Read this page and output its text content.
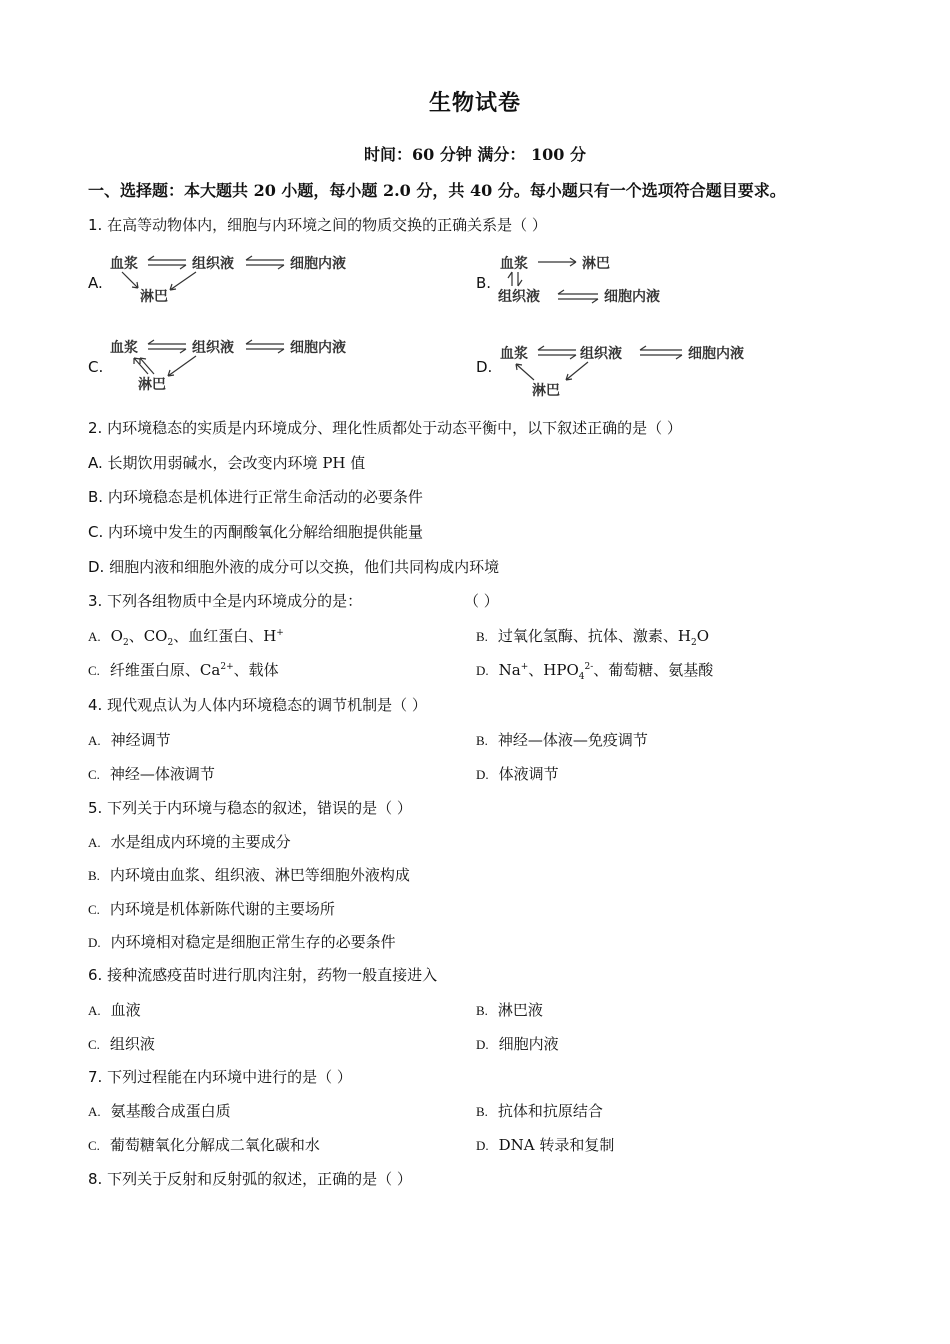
生物试卷
时间：60 分钟 满分： 100 分
一、选择题：本大题共 20 小题，每小题 2.0 分，共 40 分。每小题只有一个选项符合题目要求。
1. 在高等动物体内，细胞与内环境之间的物质交换的正确关系是（ ）
A.
血浆	组织液	细胞内液
淋巴
B.
血浆	淋巴
组织液	细胞内液
C.
血浆	组织液	细胞内液
淋巴
D.
血浆	组织液	细胞内液
淋巴
2. 内环境稳态的实质是内环境成分、理化性质都处于动态平衡中，以下叙述正确的是（ ）
A. 长期饮用弱碱水，会改变内环境 PH 值
B. 内环境稳态是机体进行正常生命活动的必要条件
C. 内环境中发生的丙酮酸氧化分解给细胞提供能量
D. 细胞内液和细胞外液的成分可以交换，他们共同构成内环境
3. 下列各组物质中全是内环境成分的是：	（ ）
A. $O_2$、$CO_2$、血红蛋白、H+	B. 过氧化氢酶、抗体、激素、$H_2O$
C. 纤维蛋白原、$Ca^{2+}$、载体	D. Na+、$HPO_4^{2-}$、葡萄糖、氨基酸
4. 现代观点认为人体内环境稳态的调节机制是（ ）
A. 神经调节	B. 神经—体液—免疫调节
C. 神经—体液调节	D. 体液调节
5. 下列关于内环境与稳态的叙述，错误的是（ ）
A. 水是组成内环境的主要成分
B. 内环境由血浆、组织液、淋巴等细胞外液构成
C. 内环境是机体新陈代谢的主要场所
D. 内环境相对稳定是细胞正常生存的必要条件
6. 接种流感疫苗时进行肌肉注射，药物一般直接进入
A. 血液	B. 淋巴液
C. 组织液	D. 细胞内液
7. 下列过程能在内环境中进行的是（ ）
A. 氨基酸合成蛋白质	B. 抗体和抗原结合
C. 葡萄糖氧化分解成二氧化碳和水	D. DNA 转录和复制
8. 下列关于反射和反射弧的叙述，正确的是（ ）
